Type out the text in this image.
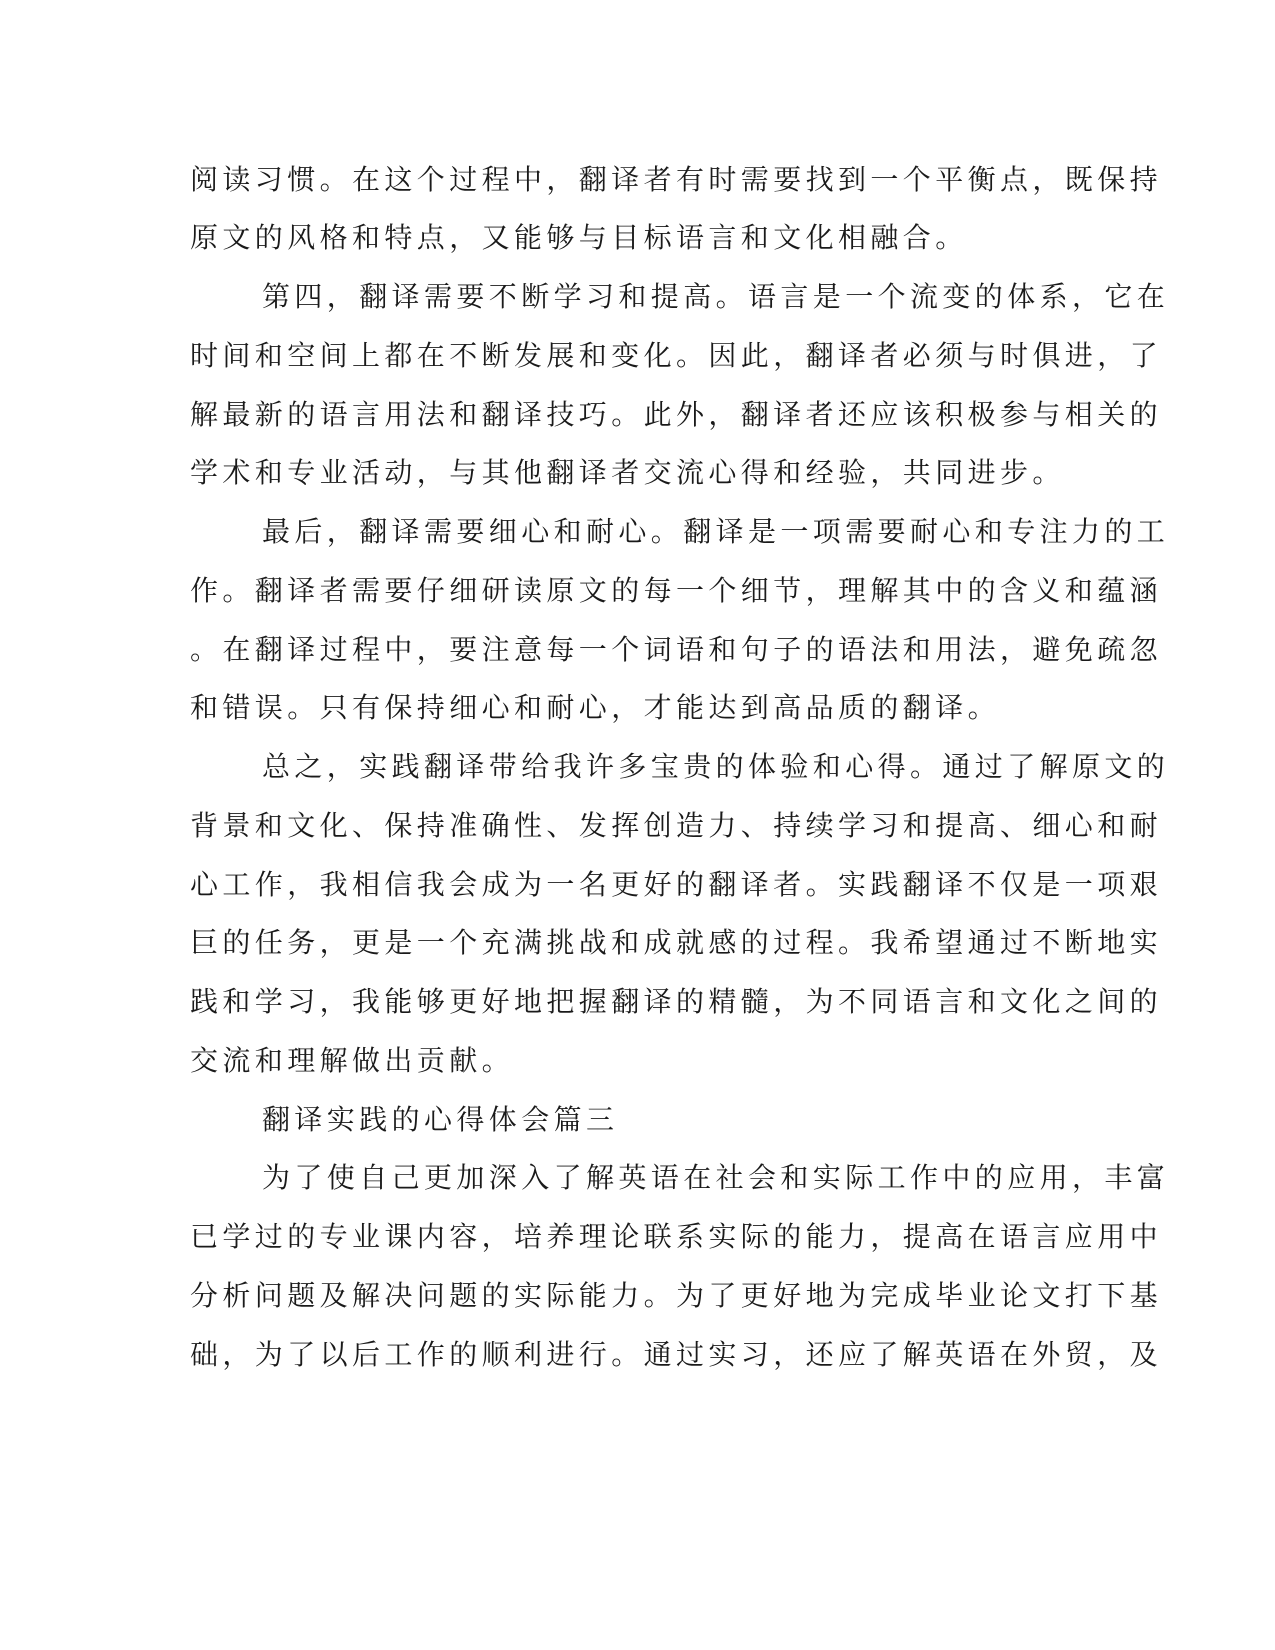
阅读习惯。在这个过程中，翻译者有时需要找到一个平衡点，既保持
原文的风格和特点，又能够与目标语言和文化相融合。
第四，翻译需要不断学习和提高。语言是一个流变的体系，它在
时间和空间上都在不断发展和变化。因此，翻译者必须与时俱进，了
解最新的语言用法和翻译技巧。此外，翻译者还应该积极参与相关的
学术和专业活动，与其他翻译者交流心得和经验，共同进步。
最后，翻译需要细心和耐心。翻译是一项需要耐心和专注力的工
作。翻译者需要仔细研读原文的每一个细节，理解其中的含义和蕴涵
。在翻译过程中，要注意每一个词语和句子的语法和用法，避免疏忽
和错误。只有保持细心和耐心，才能达到高品质的翻译。
总之，实践翻译带给我许多宝贵的体验和心得。通过了解原文的
背景和文化、保持准确性、发挥创造力、持续学习和提高、细心和耐
心工作，我相信我会成为一名更好的翻译者。实践翻译不仅是一项艰
巨的任务，更是一个充满挑战和成就感的过程。我希望通过不断地实
践和学习，我能够更好地把握翻译的精髓，为不同语言和文化之间的
交流和理解做出贡献。
翻译实践的心得体会篇三
为了使自己更加深入了解英语在社会和实际工作中的应用，丰富
已学过的专业课内容，培养理论联系实际的能力，提高在语言应用中
分析问题及解决问题的实际能力。为了更好地为完成毕业论文打下基
础，为了以后工作的顺利进行。通过实习，还应了解英语在外贸，及
